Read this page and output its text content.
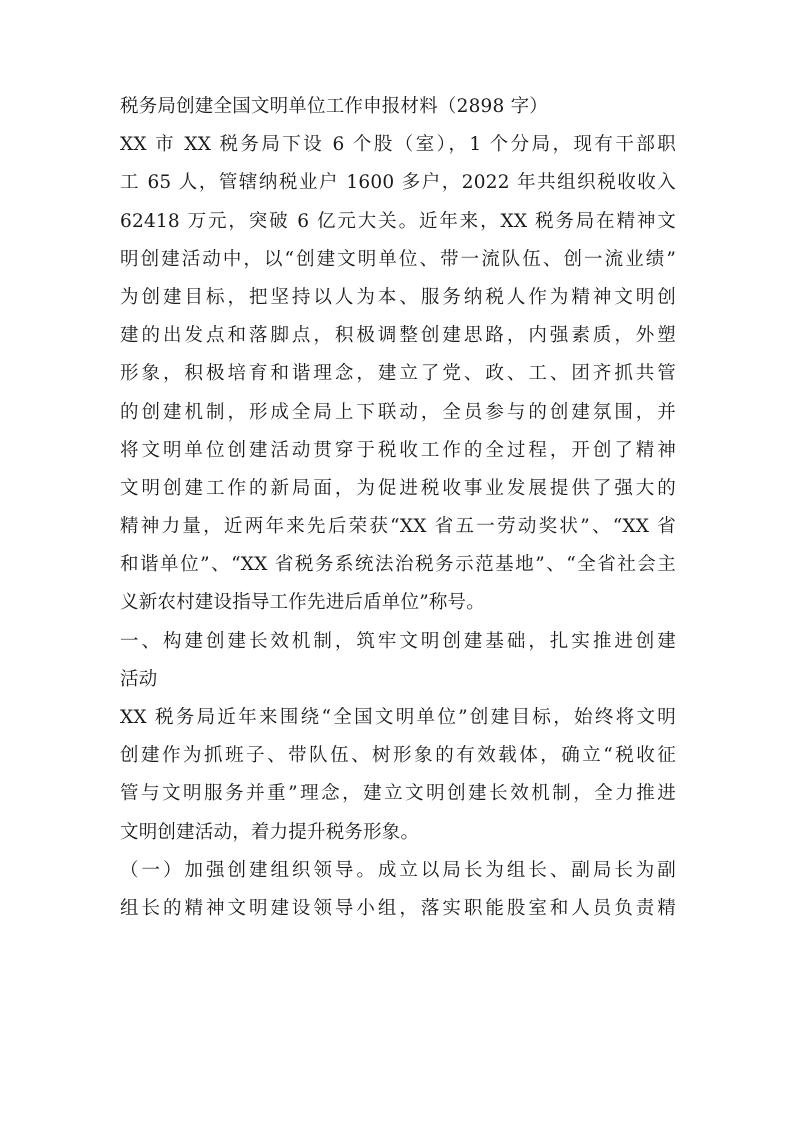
税务局创建全国文明单位工作申报材料（2898 字）
XX 市 XX 税务局下设 6 个股（室），1 个分局，现有干部职
工 65 人，管辖纳税业户 1600 多户，2022 年共组织税收收入
62418 万元，突破 6 亿元大关。近年来，XX 税务局在精神文
明创建活动中，以“创建文明单位、带一流队伍、创一流业绩”
为创建目标，把坚持以人为本、服务纳税人作为精神文明创
建的出发点和落脚点，积极调整创建思路，内强素质，外塑
形象，积极培育和谐理念，建立了党、政、工、团齐抓共管
的创建机制，形成全局上下联动，全员参与的创建氛围，并
将文明单位创建活动贯穿于税收工作的全过程，开创了精神
文明创建工作的新局面，为促进税收事业发展提供了强大的
精神力量，近两年来先后荣获“XX 省五一劳动奖状”、“XX 省
和谐单位”、“XX 省税务系统法治税务示范基地”、“全省社会主
义新农村建设指导工作先进后盾单位”称号。
一、构建创建长效机制，筑牢文明创建基础，扎实推进创建
活动
XX 税务局近年来围绕“全国文明单位”创建目标，始终将文明
创建作为抓班子、带队伍、树形象的有效载体，确立“税收征
管与文明服务并重”理念，建立文明创建长效机制，全力推进
文明创建活动，着力提升税务形象。
（一）加强创建组织领导。成立以局长为组长、副局长为副
组长的精神文明建设领导小组，落实职能股室和人员负责精
